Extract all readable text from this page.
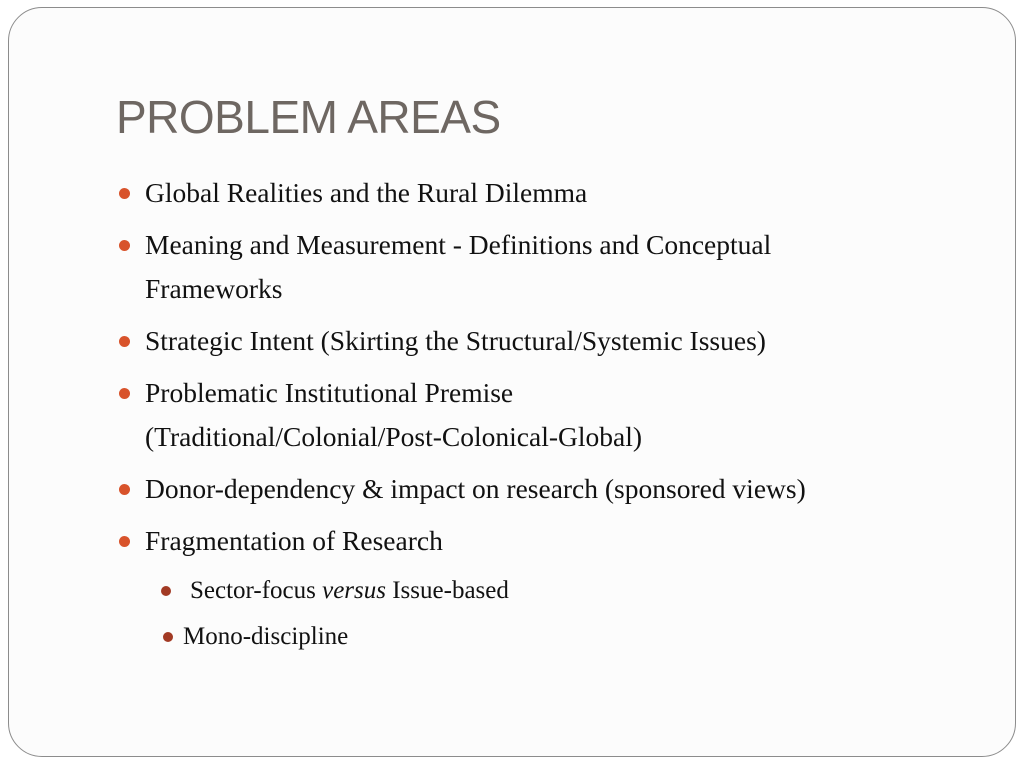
PROBLEM AREAS
Global Realities and the Rural Dilemma
Meaning and Measurement - Definitions and Conceptual
Frameworks
Strategic Intent (Skirting the Structural/Systemic Issues)
Problematic Institutional Premise
(Traditional/Colonial/Post-Colonical-Global)
Donor-dependency & impact on research (sponsored views)
Fragmentation of Research
Sector-focus versus Issue-based
Mono-discipline
